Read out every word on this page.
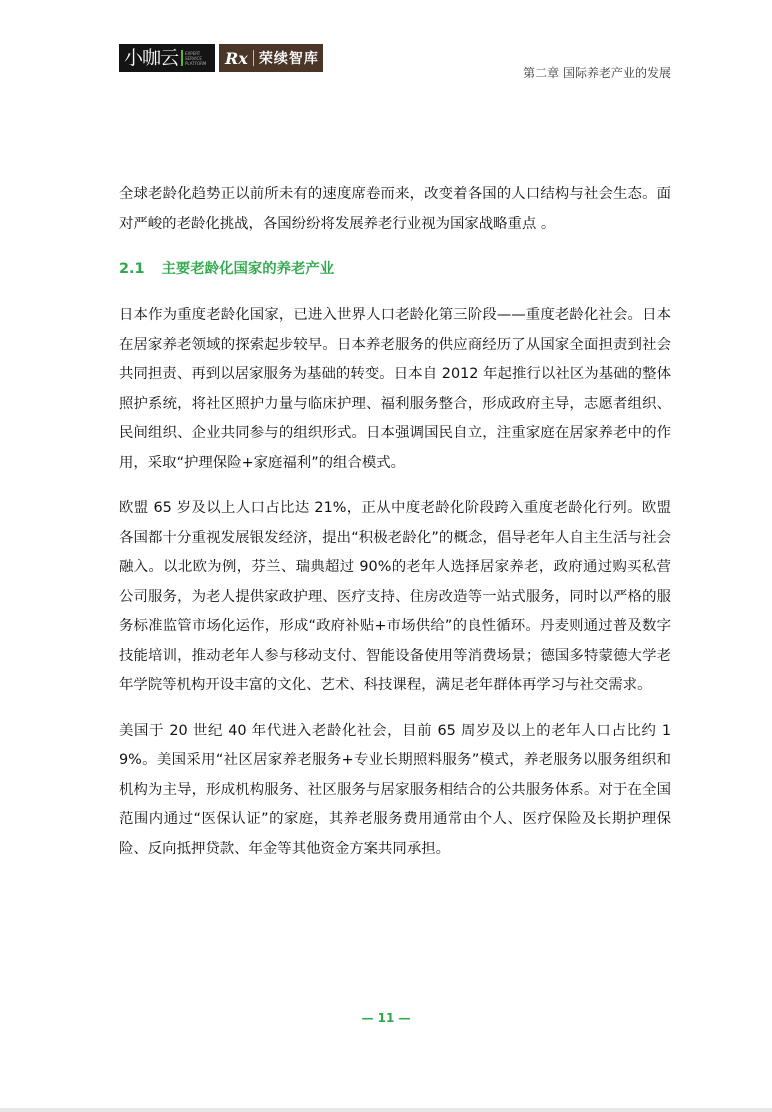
小咖云 EXPERT
SERVICE
PLATFORM Rx 荣续智库
第二章 国际养老产业的发展

全球老龄化趋势正以前所未有的速度席卷而来，改变着各国的人口结构与社会生态。面对严峻的老龄化挑战，各国纷纷将发展养老行业视为国家战略重点 。

2.1 主要老龄化国家的养老产业

日本作为重度老龄化国家，已进入世界人口老龄化第三阶段——重度老龄化社会。日本在居家养老领域的探索起步较早。日本养老服务的供应商经历了从国家全面担责到社会共同担责、再到以居家服务为基础的转变。日本自 2012 年起推行以社区为基础的整体照护系统，将社区照护力量与临床护理、福利服务整合，形成政府主导，志愿者组织、民间组织、企业共同参与的组织形式。日本强调国民自立，注重家庭在居家养老中的作用，采取“护理保险+家庭福利”的组合模式。

欧盟 65 岁及以上人口占比达 21%，正从中度老龄化阶段跨入重度老龄化行列。欧盟各国都十分重视发展银发经济，提出“积极老龄化”的概念，倡导老年人自主生活与社会融入。以北欧为例，芬兰、瑞典超过 90%的老年人选择居家养老，政府通过购买私营公司服务，为老人提供家政护理、医疗支持、住房改造等一站式服务，同时以严格的服务标准监管市场化运作，形成“政府补贴+市场供给”的良性循环。丹麦则通过普及数字技能培训，推动老年人参与移动支付、智能设备使用等消费场景；德国多特蒙德大学老年学院等机构开设丰富的文化、艺术、科技课程，满足老年群体再学习与社交需求。

美国于 20 世纪 40 年代进入老龄化社会，目前 65 周岁及以上的老年人口占比约 19%。美国采用“社区居家养老服务+专业长期照料服务”模式，养老服务以服务组织和机构为主导，形成机构服务、社区服务与居家服务相结合的公共服务体系。对于在全国范围内通过“医保认证”的家庭，其养老服务费用通常由个人、医疗保险及长期护理保险、反向抵押贷款、年金等其他资金方案共同承担。

— 11 —
